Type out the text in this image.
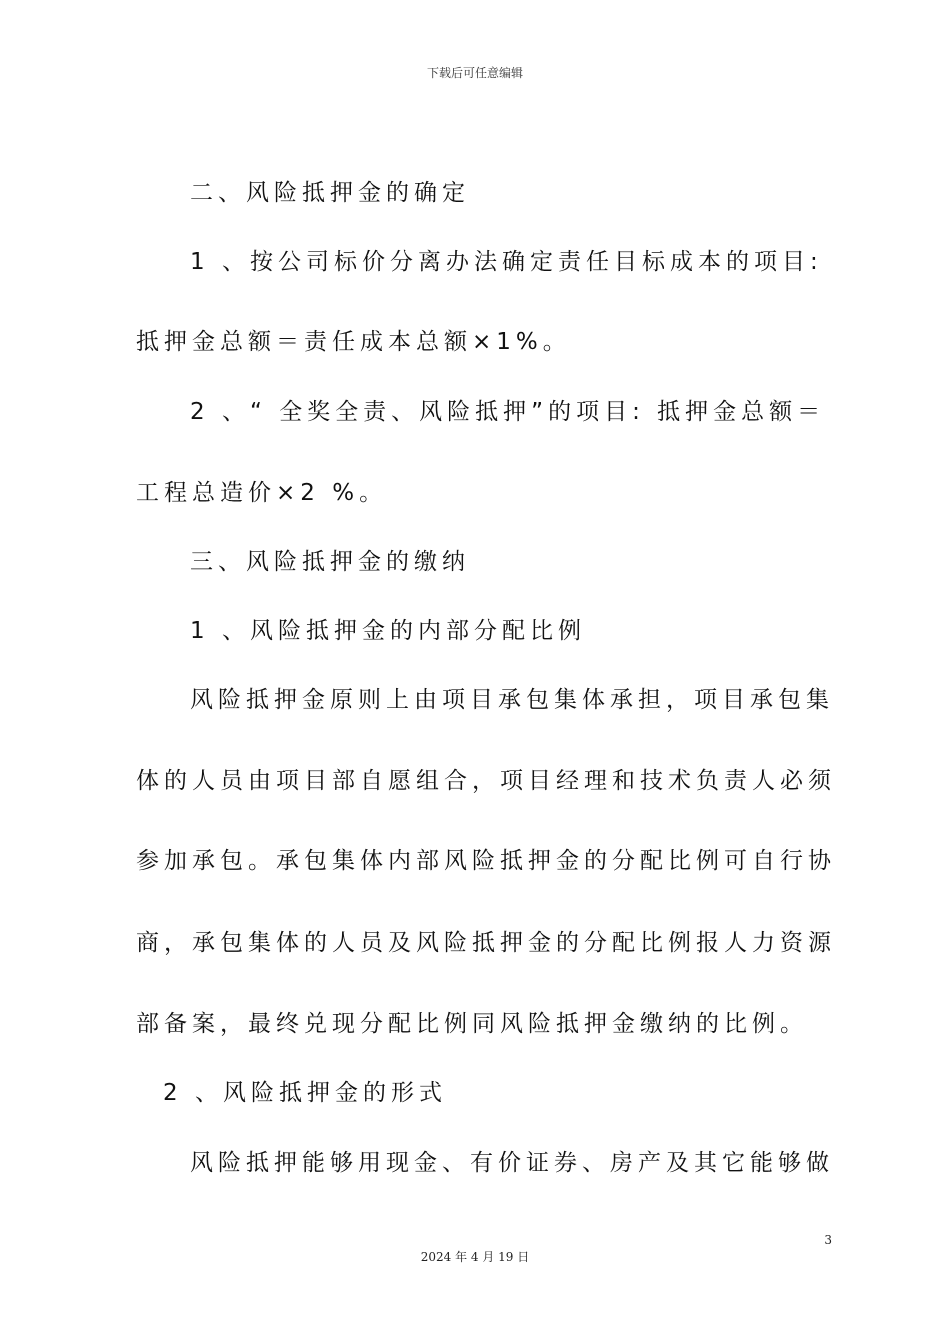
下载后可任意编辑
二、风险抵押金的确定
1 、按公司标价分离办法确定责任目标成本的项目:
抵押金总额＝责任成本总额×1%。
2 、“ 全奖全责、风险抵押”的项目: 抵押金总额＝
工程总造价×2 %。
三、风险抵押金的缴纳
1 、风险抵押金的内部分配比例
风险抵押金原则上由项目承包集体承担，项目承包集
体的人员由项目部自愿组合，项目经理和技术负责人必须
参加承包。承包集体内部风险抵押金的分配比例可自行协
商，承包集体的人员及风险抵押金的分配比例报人力资源
部备案，最终兑现分配比例同风险抵押金缴纳的比例。
2 、风险抵押金的形式
风险抵押能够用现金、有价证券、房产及其它能够做
3
2024 年 4 月 19 日
